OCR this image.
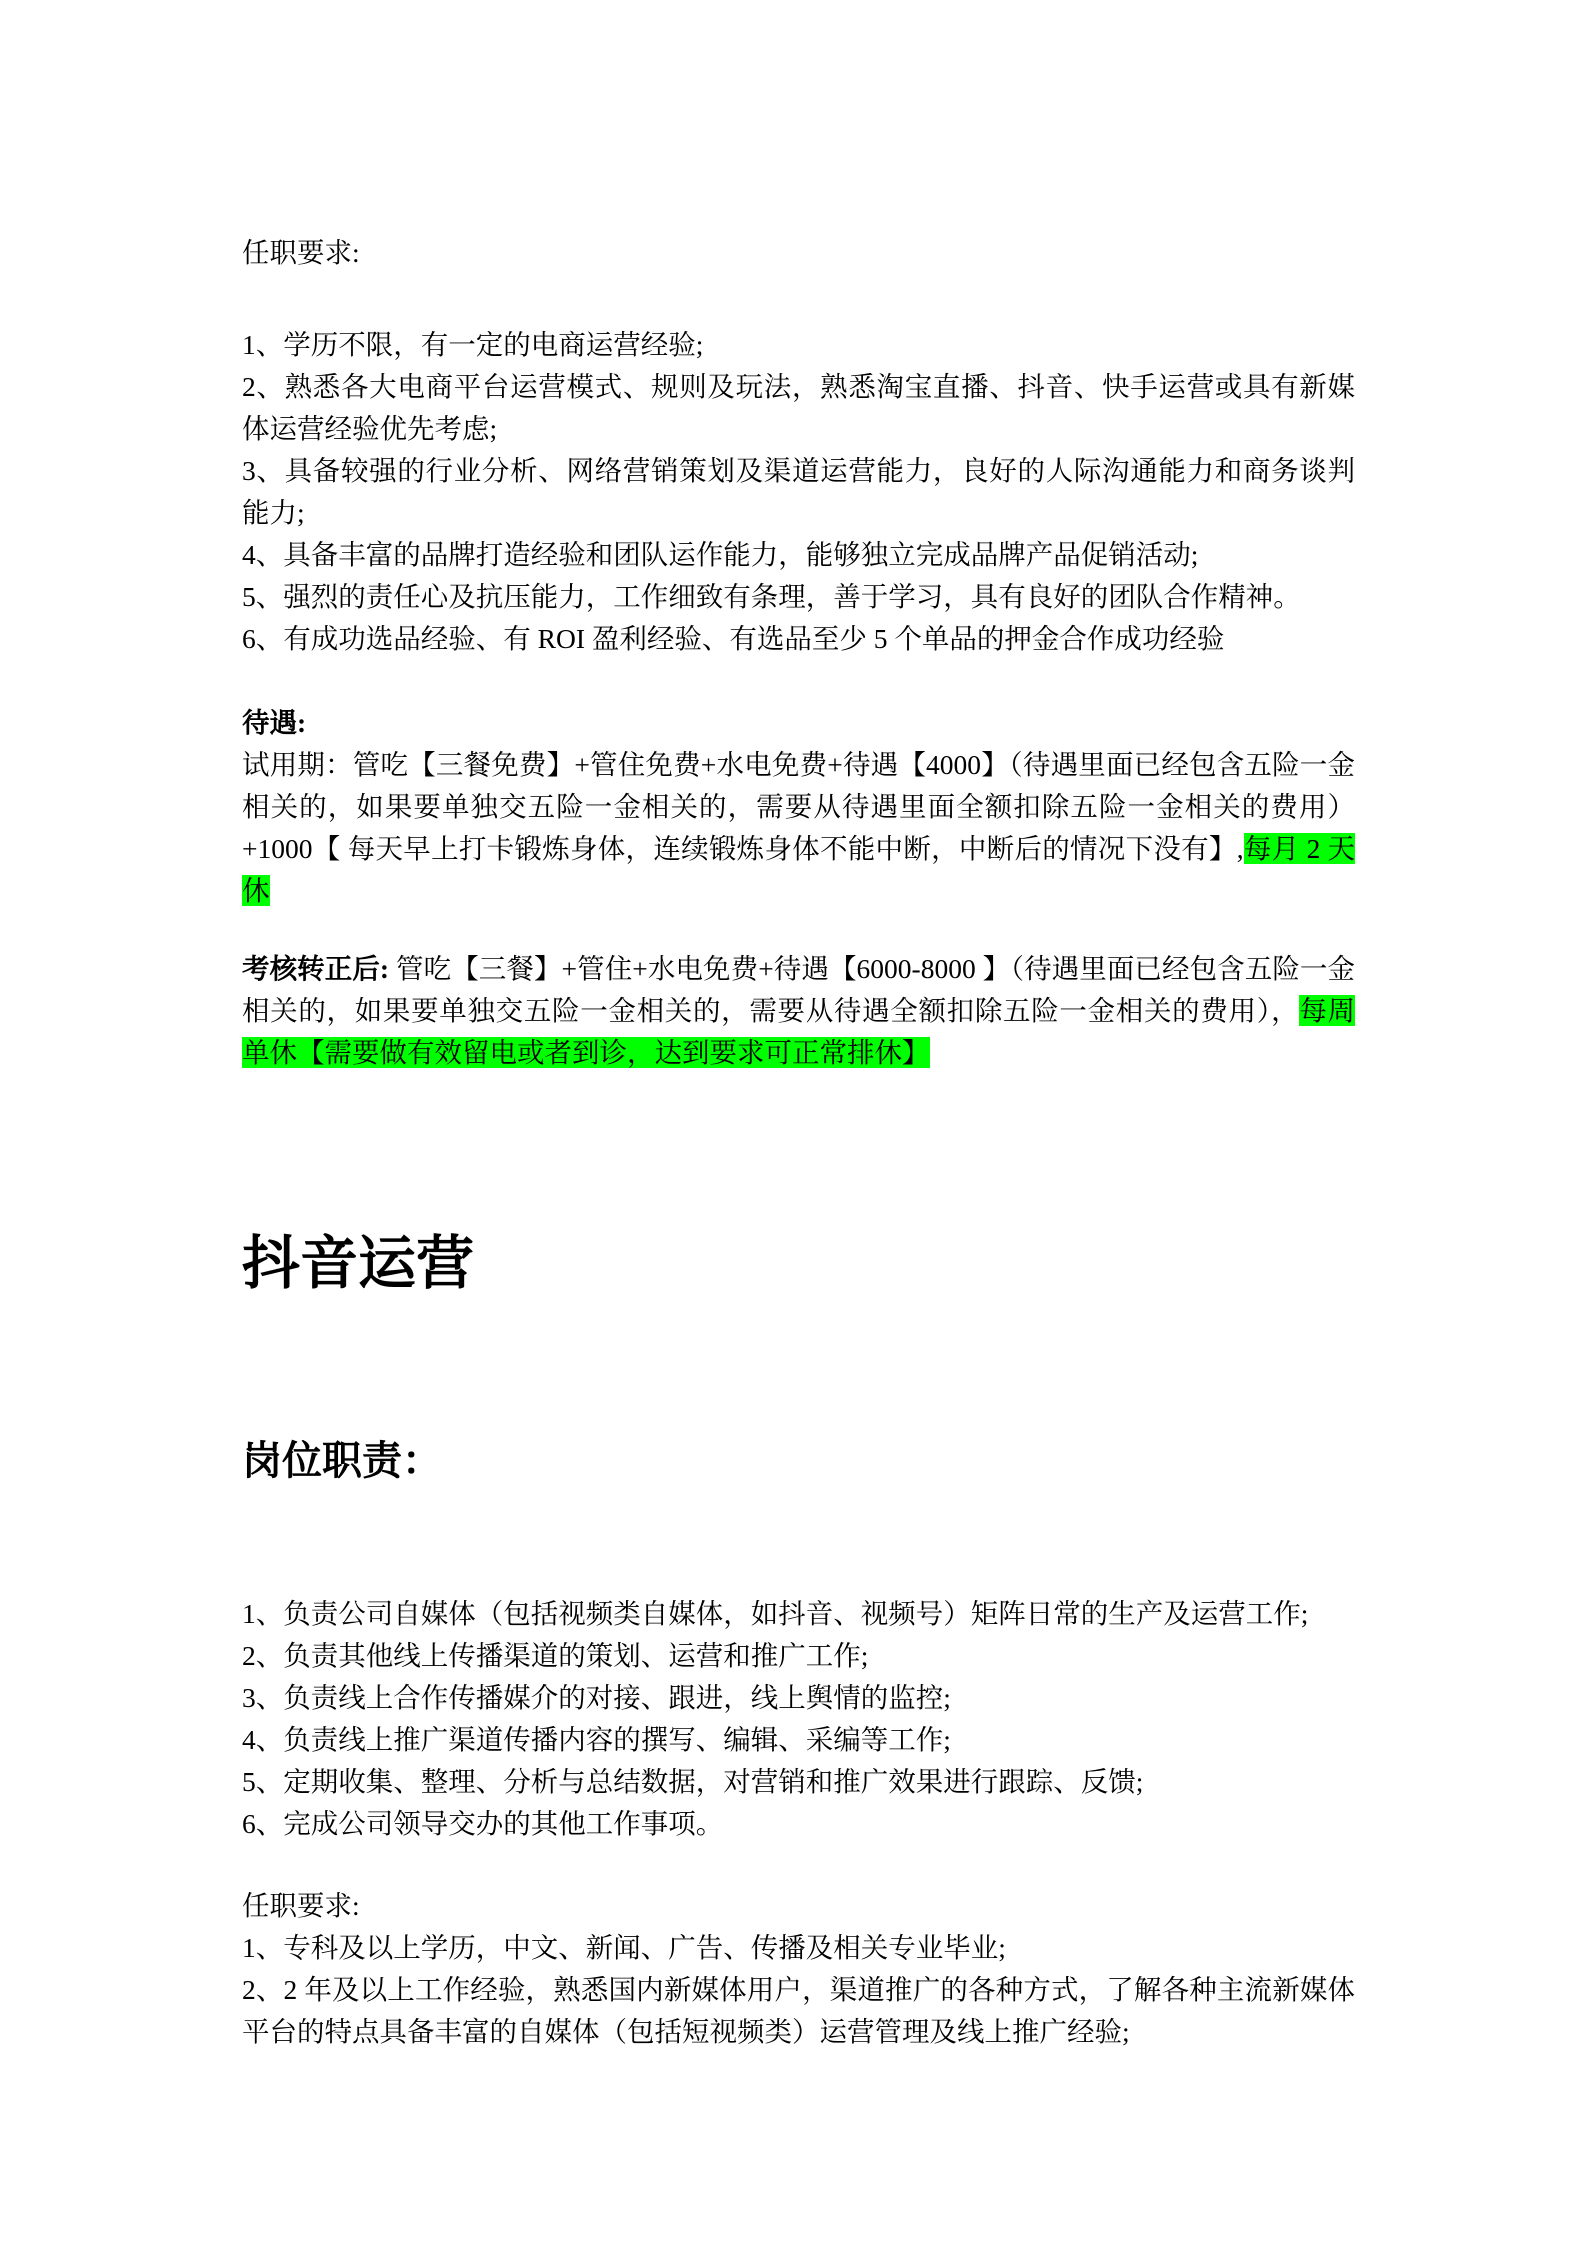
任职要求:
1、学历不限，有一定的电商运营经验;
2、熟悉各大电商平台运营模式、规则及玩法，熟悉淘宝直播、抖音、快手运营或具有新媒体运营经验优先考虑;
3、具备较强的行业分析、网络营销策划及渠道运营能力，良好的人际沟通能力和商务谈判能力;
4、具备丰富的品牌打造经验和团队运作能力，能够独立完成品牌产品促销活动;
5、强烈的责任心及抗压能力，工作细致有条理，善于学习，具有良好的团队合作精神。
6、有成功选品经验、有 ROI 盈利经验、有选品至少 5 个单品的押金合作成功经验
待遇:
试用期：管吃【三餐免费】+管住免费+水电免费+待遇【4000】（待遇里面已经包含五险一金相关的，如果要单独交五险一金相关的，需要从待遇里面全额扣除五险一金相关的费用）+1000【 每天早上打卡锻炼身体，连续锻炼身体不能中断，中断后的情况下没有】,每月 2 天休
考核转正后: 管吃【三餐】+管住+水电免费+待遇【6000-8000 】（待遇里面已经包含五险一金相关的，如果要单独交五险一金相关的，需要从待遇全额扣除五险一金相关的费用），每周单休【需要做有效留电或者到诊，达到要求可正常排休】
抖音运营
岗位职责：
1、负责公司自媒体（包括视频类自媒体，如抖音、视频号）矩阵日常的生产及运营工作;
2、负责其他线上传播渠道的策划、运营和推广工作;
3、负责线上合作传播媒介的对接、跟进，线上舆情的监控;
4、负责线上推广渠道传播内容的撰写、编辑、采编等工作;
5、定期收集、整理、分析与总结数据，对营销和推广效果进行跟踪、反馈;
6、完成公司领导交办的其他工作事项。
任职要求:
1、专科及以上学历，中文、新闻、广告、传播及相关专业毕业;
2、2 年及以上工作经验，熟悉国内新媒体用户，渠道推广的各种方式，了解各种主流新媒体平台的特点具备丰富的自媒体（包括短视频类）运营管理及线上推广经验;
